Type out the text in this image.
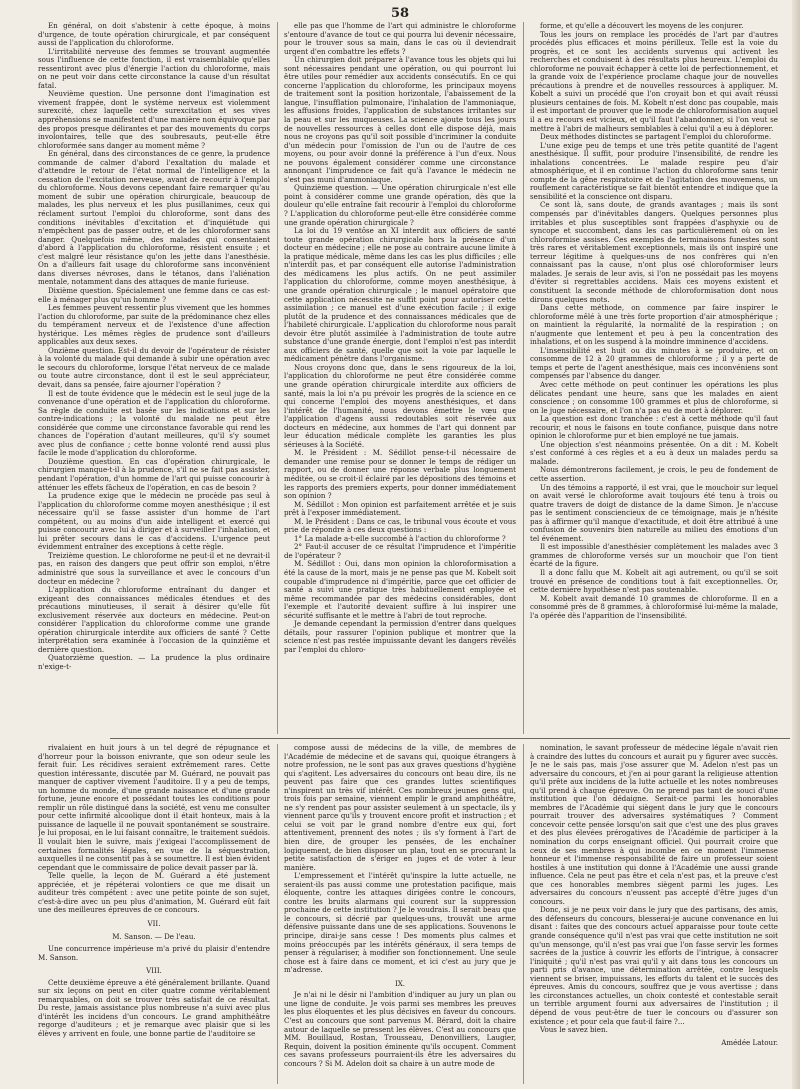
58

En général, on doit s'abstenir à cette époque, à moins d'urgence, de toute opération chirurgicale, et par conséquent aussi de l'application du chloroforme.

L'irritabilité nerveuse des femmes se trouvant augmentée sous l'influence de cette fonction, il est vraisemblable qu'elles ressentiront avec plus d'énergie l'action du chloroforme, mais on ne peut voir dans cette circonstance la cause d'un résultat fatal.

Neuvième question. Une personne dont l'imagination est vivement frappée, dont le système nerveux est violemment surexcité, chez laquelle cette surexcitation et ses vives appréhensions se manifestent d'une manière non équivoque par des propos presque délirantes et par des mouvements du corps involontaires, telle que des soubresauts, peut-elle être chloroformée sans danger au moment même ?

En général, dans des circonstances de ce genre, la prudence commande de calmer d'abord l'exaltation du malade et d'attendre le retour de l'état normal de l'intelligence et la cessation de l'excitation nerveuse, avant de recourir à l'emploi du chloroforme. Nous devons cependant faire remarquer qu'au moment de subir une opération chirurgicale, beaucoup de malades, les plus nerveux et les plus pusillanimes, ceux qui réclament surtout l'emploi du chloroforme, sont dans des conditions inévitables d'excitation et d'inquiétude qui n'empêchent pas de passer outre, et de les chloroformer sans danger. Quelquefois même, des malades qui consentaient d'abord à l'application du chloroforme, résistent ensuite ; et c'est malgré leur résistance qu'on les jette dans l'anesthésie. On a d'ailleurs fait usage du chloroforme sans inconvénient dans diverses névroses, dans le tétanos, dans l'aliénation mentale, notamment dans des attaques de manie furieuse.

Dixième question. Spécialement une femme dans ce cas est-elle à ménager plus qu'un homme ?

Les femmes peuvent ressentir plus vivement que les hommes l'action du chloroforme, par suite de la prédominance chez elles du tempérament nerveux et de l'existence d'une affection hystérique. Les mêmes règles de prudence sont d'ailleurs applicables aux deux sexes.

Onzième question. Est-il du devoir de l'opérateur de résister à la volonté du malade qui demande à subir une opération avec le secours du chloroforme, lorsque l'état nerveux de ce malade ou toute autre circonstance, dont il est le seul appréciateur, devait, dans sa pensée, faire ajourner l'opération ?

Il est de toute évidence que le médecin est le seul juge de la convenance d'une opération et de l'application du chloroforme. Sa règle de conduite est basée sur les indications et sur les contre-indications ; la volonté du malade ne peut être considérée que comme une circonstance favorable qui rend les chances de l'opération d'autant meilleures, qu'il s'y soumet avec plus de confiance ; cette bonne volonté rend aussi plus facile le mode d'application du chloroforme.

Douzième question. En cas d'opération chirurgicale, le chirurgien manque-t-il à la prudence, s'il ne se fait pas assister, pendant l'opération, d'un homme de l'art qui puisse concourir à atténuer les effets fâcheux de l'opération, en cas de besoin ?

La prudence exige que le médecin ne procède pas seul à l'application du chloroforme comme moyen anesthésique ; il est nécessaire qu'il se fasse assister d'un homme de l'art compétent, ou au moins d'un aide intelligent et exercé qui puisse concourir avec lui à diriger et à surveiller l'inhalation, et lui prêter secours dans le cas d'accidens. L'urgence peut évidemment entraîner des exceptions à cette règle.

Treizième question. Le chloroforme ne peut-il et ne devrait-il pas, en raison des dangers que peut offrir son emploi, n'être administré que sous la surveillance et avec le concours d'un docteur en médecine ?

L'application du chloroforme entraînant du danger et exigeant des connaissances médicales étendues et des précautions minutieuses, il serait à désirer qu'elle fût exclusivement réservée aux docteurs en médecine. Peut-on considérer l'application du chloroforme comme une grande opération chirurgicale interdite aux officiers de santé ? Cette interprétation sera examinée à l'occasion de la quinzième et dernière question.

Quatorzième question. — La prudence la plus ordinaire n'exige-t-

elle pas que l'homme de l'art qui administre le chloroforme s'entoure d'avance de tout ce qui pourra lui devenir nécessaire, pour le trouver sous sa main, dans le cas où il deviendrait urgent d'en combattre les effets ?

Un chirurgien doit préparer à l'avance tous les objets qui lui sont nécessaires pendant une opération, ou qui pourront lui être utiles pour remédier aux accidents consécutifs. En ce qui concerne l'application du chloroforme, les principaux moyens de traitement sont la position horizontale, l'abaissement de la langue, l'insufflation pulmonaire, l'inhalation de l'ammoniaque, les affusions froides, l'application de substances irritantes sur la peau et sur les muqueuses. La science ajoute tous les jours de nouvelles ressources à celles dont elle dispose déjà, mais nous ne croyons pas qu'il soit possible d'incriminer la conduite d'un médecin pour l'omission de l'un ou de l'autre de ces moyens, ou pour avoir donné la préférence à l'un d'eux. Nous ne pouvons également considérer comme une circonstance annonçant l'imprudence ce fait qu'à l'avance le médecin ne s'est pas muni d'ammoniaque.

Quinzième question. — Une opération chirurgicale n'est elle point à considérer comme une grande opération, dès que la douleur qu'elle entraîne fait recourir à l'emploi du chloroforme ? L'application du chloroforme peut-elle être considérée comme une grande opération chirurgicale ?

La loi du 19 ventôse an XI interdit aux officiers de santé toute grande opération chirurgicale hors la présence d'un docteur en médecine ; elle ne pose au contraire aucune limite à la pratique médicale, même dans les cas les plus difficiles ; elle n'interdit pas, et par conséquent elle autorise l'administration des médicamens les plus actifs. On ne peut assimiler l'application du chloroforme, comme moyen anesthésique, à une grande opération chirurgicale ; le manuel opératoire que cette application nécessite ne suffit point pour autoriser cette assimilation ; ce manuel est d'une exécution facile ; il exige plutôt de la prudence et des connaissances médicales que de l'habileté chirurgicale. L'application du chloroforme nous paraît devoir être plutôt assimilée à l'administration de toute autre substance d'une grande énergie, dont l'emploi n'est pas interdit aux officiers de santé, quelle que soit la voie par laquelle le médicament pénètre dans l'organisme.

Nous croyons donc que, dans le sens rigoureux de la loi, l'application du chloroforme ne peut être considérée comme une grande opération chirurgicale interdite aux officiers de santé, mais la loi n'a pu prévoir les progrès de la science en ce qui concerne l'emploi des moyens anesthésiques, et dans l'intérêt de l'humanité, nous devons émettre le vœu que l'application d'agens aussi redoutables soit réservée aux docteurs en médecine, aux hommes de l'art qui donnent par leur éducation médicale complète les garanties les plus sérieuses à la Société.

M. le Président : M. Sédillot pense-t-il nécessaire de demander une remise pour se donner le temps de rédiger un rapport, ou de donner une réponse verbale plus longuement méditée, ou se croit-il éclairé par les dépositions des témoins et les rapports des premiers experts, pour donner immédiatement son opinion ?

M. Sédillot : Mon opinion est parfaitement arrêtée et je suis prêt à l'exposer immédiatement.

M. le Président : Dans ce cas, le tribunal vous écoute et vous prie de répondre à ces deux questions :

1° La malade a-t-elle succombé à l'action du chloroforme ?

2° Faut-il accuser de ce résultat l'imprudence et l'impéritie de l'opérateur ?

M. Sédillot : Oui, dans mon opinion la chloroformisation a été la cause de la mort, mais je ne pense pas que M. Kobelt soit coupable d'imprudence ni d'impéritie, parce que cet officier de santé a suivi une pratique très habituellement employée et même recommandée par des médecins considérables, dont l'exemple et l'autorité devaient suffire à lui inspirer une sécurité suffisante et le mettre à l'abri de tout reproche.

Je demande cependant la permission d'entrer dans quelques détails, pour rassurer l'opinion publique et montrer que la science n'est pas restée impuissante devant les dangers révélés par l'emploi du chloro-

forme, et qu'elle a découvert les moyens de les conjurer.

Tous les jours on remplace les procédés de l'art par d'autres procédés plus efficaces et moins périlleux. Telle est la voie du progrès, et ce sont les accidents survenus qui activent les recherches et conduisent à des résultats plus heureux. L'emploi du chloroforme ne pouvait échapper à cette loi de perfectionnement, et la grande voix de l'expérience proclame chaque jour de nouvelles précautions à prendre et de nouvelles ressources à appliquer. M. Kobelt a suivi un procédé que l'on croyait bon et qui avait réussi plusieurs centaines de fois. M. Kobelt n'est donc pas coupable, mais il est important de prouver que le mode de chloroformisation auquel il a eu recours est vicieux, et qu'il faut l'abandonner, si l'on veut se mettre à l'abri de malheurs semblables à celui qu'il a eu à déplorer.

Deux méthodes distinctes se partagent l'emploi du chloroforme.

L'une exige peu de temps et une très petite quantité de l'agent anesthésique. Il suffit, pour produire l'insensibilité, de rendre les inhalations concentrées. Le malade respire peu d'air atmosphérique, et il en continue l'action du chloroforme sans tenir compte de la gêne respiratoire et de l'agitation des mouvemens, un rouflement caractéristique se fait bientôt entendre et indique que la sensibilité et la conscience ont disparu.

Ce sont là, sans doute, de grands avantages ; mais ils sont compensés par d'inévitables dangers. Quelques personnes plus irritables et plus susceptibles sont frappées d'asphyxie ou de syncope et succombent, dans les cas particulièrement où on les chloroformise assises. Ces exemples de terminaisons funestes sont très rares et véritablement exceptionnels, mais ils ont inspiré une terreur légitime à quelques-uns de nos confrères qui n'en connaissant pas la cause, n'ont plus osé chloroformiser leurs malades. Je serais de leur avis, si l'on ne possédait pas les moyens d'éviter si regrettables accidens. Mais ces moyens existent et constituent la seconde méthode de chloroformisation dont nous dirons quelques mots.

Dans cette méthode, on commence par faire inspirer le chloroforme mêlé à une très forte proportion d'air atmosphérique ; on maintient la régularité, la normalité de la respiration ; on n'augmente que lentement et peu à peu la concentration des inhalations, et on les suspend à la moindre imminence d'accidens.

L'insensibilité est huit ou dix minutes à se produire, et on consomme de 12 à 20 grammes de chloroforme ; il y a perte de temps et perte de l'agent anesthésique, mais ces inconvéniens sont compensés par l'absence du danger.

Avec cette méthode on peut continuer les opérations les plus délicates pendant une heure, sans que les malades en aient conscience ; on consomme 100 grammes et plus de chloroforme, si on le juge nécessaire, et l'on n'a pas eu de mort à déplorer.

La question est donc tranchée : c'est à cette méthode qu'il faut recourir, et nous le faisons en toute confiance, puisque dans notre opinion le chloroforme pur et bien employé ne tue jamais.

Une objection s'est néanmoins présentée. On a dit : M. Kobelt s'est conformé à ces règles et a eu à deux un malades perdu sa malade.

Nous démontrerons facilement, je crois, le peu de fondement de cette assertion.

Un des témoins a rapporté, il est vrai, que le mouchoir sur lequel on avait versé le chloroforme avait toujours été tenu à trois ou quatre travers de doigt de distance de la dame Simon. Je n'accuse pas le sentiment consciencieux de ce témoignage, mais je n'hésite pas à affirmer qu'il manque d'exactitude, et doit être attribué à une confusion de souvenirs bien naturelle au milieu des émotions d'un tel événement.

Il est impossible d'anesthésier complètement les malades avec 3 grammes de chloroforme versés sur un mouchoir que l'on tient écarté de la figure.

Il a donc fallu que M. Kobelt ait agi autrement, ou qu'il se soit trouvé en présence de conditions tout à fait exceptionnelles. Or, cette dernière hypothèse n'est pas soutenable.

M. Kobelt avait demandé 10 grammes de chloroforme. Il en a consommé près de 8 grammes, à chloroformisé lui-même la malade, l'a opérée dès l'apparition de l'insensibilité.

rivalaient en huit jours à un tel degré de répugnance et d'horreur pour la boisson enivrante, que son odeur seule les ferait fuir. Les récidives seraient extrêmement rares. Cette question intéressante, discutée par M. Guérard, ne pouvait pas manquer de captiver vivement l'auditoire. Il y a peu de temps, un homme du monde, d'une grande naissance et d'une grande fortune, jeune encore et possédant toutes les conditions pour remplir un rôle distingué dans la société, est venu me consulter pour cette infirmité alcoolique dont il était honteux, mais à la puissance de laquelle il ne pouvait spontanément se soustraire. Je lui proposai, en le lui faisant connaître, le traitement suédois. Il voulait bien le suivre, mais j'exigeai l'accomplissement de certaines formalités légales, en vue de la séquestration, auxquelles il ne consentit pas à se soumettre. Il est bien évident cependant que le commissaire de police devait passer par là.

Telle quelle, la leçon de M. Guérard a été justement appréciée, et je répéterai volontiers ce que me disait un auditeur très compétent : avec une petite pointe de son sujet, c'est-à-dire avec un peu plus d'animation, M. Guérard eût fait une des meilleures épreuves de ce concours.

VII.

M. Sanson. — De l'eau.

Une concurrence impérieuse m'a privé du plaisir d'entendre M. Sanson.

VIII.

Cette deuxième épreuve a été généralement brillante. Quand sur six leçons on peut en citer quatre comme véritablement remarquables, on doit se trouver très satisfait de ce résultat. Du reste, jamais assistance plus nombreuse n'a suivi avec plus d'intérêt les incidens d'un concours. Le grand amphithéâtre regorge d'auditeurs ; et je remarque avec plaisir que si les élèves y arrivent en foule, une bonne partie de l'auditoire se

compose aussi de médecins de la ville, de membres de l'Académie de médecine et de savans qui, quoique étrangers à notre profession, ne le sont pas aux graves questions d'hygiène qui s'agitent. Les adversaires du concours ont beau dire, ils ne peuvent pas faire que ces grandes luttes scientifiques n'inspirent un très vif intérêt. Ces nombreux jeunes gens qui, trois fois par semaine, viennent emplir le grand amphithéâtre, ne s'y rendent pas pour assister seulement à un spectacle, ils y viennent parce qu'ils y trouvent encore profit et instruction ; et celui se voit par le grand nombre d'entre eux qui, fort attentivement, prennent des notes ; ils s'y forment à l'art de bien dire, de grouper les pensées, de les enchaîner logiquement, de bien disposer un plan, tout en se procurant la petite satisfaction de s'ériger en juges et de voter à leur manière.

L'empressement et l'intérêt qu'inspire la lutte actuelle, ne seraient-ils pas aussi comme une protestation pacifique, mais éloquente, contre les attaques dirigées contre le concours, contre les bruits alarmans qui courent sur la suppression prochaine de cette institution ? Je le voudrais. Il serait beau que le concours, si décrié par quelques-uns, trouvât une arme défensive puissante dans une de ses applications. Souvenons le principe, dirai-je sans cesse ! Des moments plus calmes et moins préoccupés par les intérêts généraux, il sera temps de penser à régulariser, à modifier son fonctionnement. Une seule chose est à faire dans ce moment, et ici c'est au jury que je m'adresse.

IX.

Je n'ai ni le désir ni l'ambition d'indiquer au jury un plan ou une ligne de conduite. Je vois parmi ses membres les preuves les plus éloquentes et les plus décisives en faveur du concours. C'est au concours que sont parvenus M. Bérard, doit la chaire autour de laquelle se pressent les élèves. C'est au concours que MM. Bouillaud, Rostan, Trousseau, Denonvilliers, Laugier, Requin, doivent la position éminente qu'ils occupent. Comment ces savans professeurs pourraient-ils être les adversaires du concours ? Si M. Adelon doit sa chaire à un autre mode de

nomination, le savant professeur de médecine légale n'avait rien à craindre des luttes du concours et aurait pu y figurer avec succès. Je ne le sais pas, mais j'ose assurer que M. Adelon n'est pas un adversaire du concours, et j'en ai pour garant la religieuse attention qu'il prête aux incidens de la lutte actuelle et les notes nombreuses qu'il prend à chaque épreuve. On ne prend pas tant de souci d'une institution que l'on dédaigne. Serait-ce parmi les honorables membres de l'Académie qui siègent dans le jury que le concours pourrait trouver des adversaires systématiques ? Comment concevoir cette pensée lorsqu'on sait que c'est une des plus graves et des plus élevées prérogatives de l'Académie de participer à la nomination du corps enseignant officiel. Qui pourrait croire que ceux de ses membres à qui incombe en ce moment l'immense honneur et l'immense responsabilité de faire un professeur soient hostiles à une institution qui donne à l'Académie une aussi grande influence. Cela ne peut pas être et cela n'est pas, et la preuve c'est que ces honorables membres siègent parmi les juges. Les adversaires du concours n'eussent pas accepté d'être juges d'un concours.

Donc, si je ne peux voir dans le jury que des partisans, des amis, des défenseurs du concours, blesserai-je aucune convenance en lui disant : faites que des concours actuel apparaisse pour toute cette grande conséquence qu'il n'est pas vrai que cette institution ne soit qu'un mensonge, qu'il n'est pas vrai que l'on fasse servir les formes sacrées de la justice à couvrir les efforts de l'intrigue, à consacrer l'iniquité ; qu'il n'est pas vrai qu'il y ait dans tous les concours un parti pris d'avance, une détermination arrêtée, contre lesquels viennent se briser, impuissans, les efforts du talent et le succès des épreuves. Amis du concours, souffrez que je vous avertisse ; dans les circonstances actuelles, un choix contesté et contestable serait un terrible argument fourni aux adversaires de l'institution ; il dépend de vous peut-être de tuer le concours ou d'assurer son existence ; et pour cela que faut-il faire ?...

Vous le savez bien.

Amédée Latour.
